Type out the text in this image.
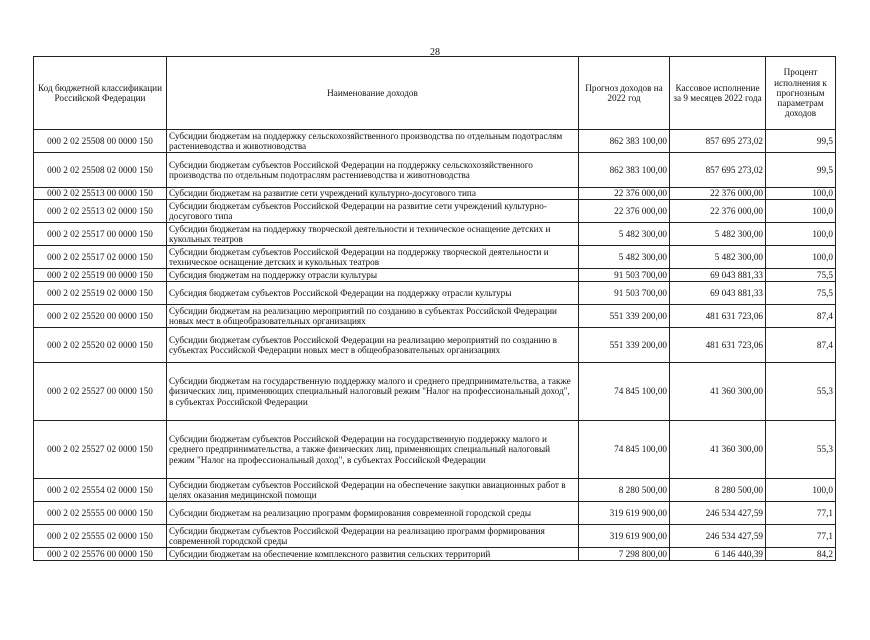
28
Код бюджетной классификации Российской Федерации	Наименование доходов	Прогноз доходов на 2022 год	Кассовое исполнение за 9 месяцев 2022 года	Процент исполнения к прогнозным параметрам доходов

000 2 02 25508 00 0000 150	Субсидии бюджетам на поддержку сельскохозяйственного производства по отдельным подотраслям растениеводства и животноводства	862 383 100,00	857 695 273,02	99,5
000 2 02 25508 02 0000 150	Субсидии бюджетам субъектов Российской Федерации на поддержку сельскохозяйственного производства по отдельным подотраслям растениеводства и животноводства	862 383 100,00	857 695 273,02	99,5
000 2 02 25513 00 0000 150	Субсидии бюджетам на развитие сети учреждений культурно-досугового типа	22 376 000,00	22 376 000,00	100,0
000 2 02 25513 02 0000 150	Субсидии бюджетам субъектов Российской Федерации на развитие сети учреждений культурно-досугового типа	22 376 000,00	22 376 000,00	100,0
000 2 02 25517 00 0000 150	Субсидии бюджетам на поддержку творческой деятельности и техническое оснащение детских и кукольных театров	5 482 300,00	5 482 300,00	100,0
000 2 02 25517 02 0000 150	Субсидии бюджетам субъектов Российской Федерации на поддержку творческой деятельности и техническое оснащение детских и кукольных театров	5 482 300,00	5 482 300,00	100,0
000 2 02 25519 00 0000 150	Субсидия бюджетам на поддержку отрасли культуры	91 503 700,00	69 043 881,33	75,5
000 2 02 25519 02 0000 150	Субсидия бюджетам субъектов Российской Федерации на поддержку отрасли культуры	91 503 700,00	69 043 881,33	75,5
000 2 02 25520 00 0000 150	Субсидии бюджетам на реализацию мероприятий по созданию в субъектах Российской Федерации новых мест в общеобразовательных организациях	551 339 200,00	481 631 723,06	87,4
000 2 02 25520 02 0000 150	Субсидии бюджетам субъектов Российской Федерации на реализацию мероприятий по созданию в субъектах Российской Федерации новых мест в общеобразовательных организациях	551 339 200,00	481 631 723,06	87,4
000 2 02 25527 00 0000 150	Субсидии бюджетам на государственную поддержку малого и среднего предпринимательства, а также физических лиц, применяющих специальный налоговый режим "Налог на профессиональный доход", в субъектах Российской Федерации	74 845 100,00	41 360 300,00	55,3
000 2 02 25527 02 0000 150	Субсидии бюджетам субъектов Российской Федерации на государственную поддержку малого и среднего предпринимательства, а также физических лиц, применяющих специальный налоговый режим "Налог на профессиональный доход", в субъектах Российской Федерации	74 845 100,00	41 360 300,00	55,3
000 2 02 25554 02 0000 150	Субсидии бюджетам субъектов Российской Федерации на обеспечение закупки авиационных работ в целях оказания медицинской помощи	8 280 500,00	8 280 500,00	100,0
000 2 02 25555 00 0000 150	Субсидии бюджетам на реализацию программ формирования современной городской среды	319 619 900,00	246 534 427,59	77,1
000 2 02 25555 02 0000 150	Субсидии бюджетам субъектов Российской Федерации на реализацию программ формирования современной городской среды	319 619 900,00	246 534 427,59	77,1
000 2 02 25576 00 0000 150	Субсидии бюджетам на обеспечение комплексного развития сельских территорий	7 298 800,00	6 146 440,39	84,2
